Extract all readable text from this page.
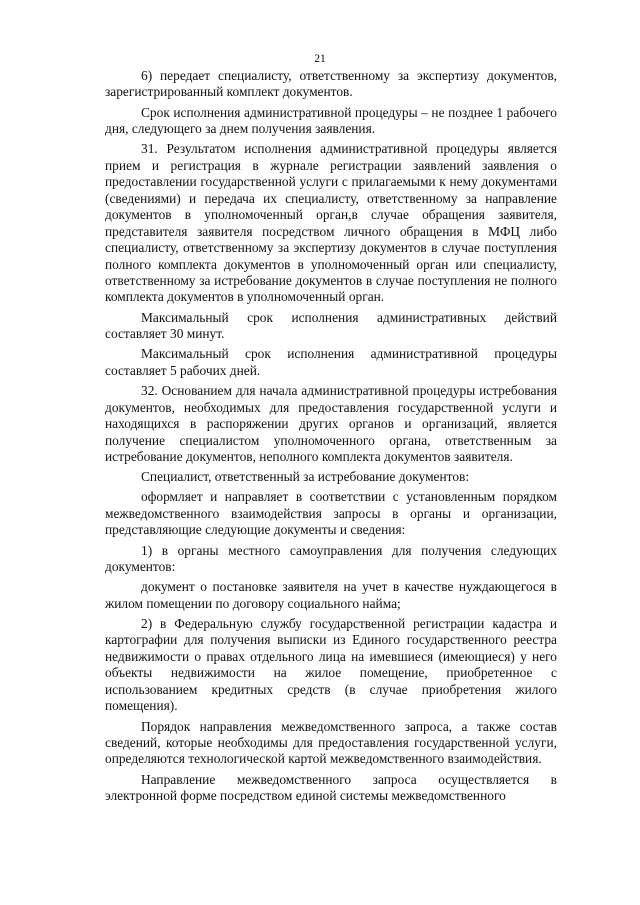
21

6) передает специалисту, ответственному за экспертизу документов, зарегистрированный комплект документов.

Срок исполнения административной процедуры – не позднее 1 рабочего дня, следующего за днем получения заявления.

31. Результатом исполнения административной процедуры является прием и регистрация в журнале регистрации заявлений заявления о предоставлении государственной услуги с прилагаемыми к нему документами (сведениями) и передача их специалисту, ответственному за направление документов в уполномоченный орган,в случае обращения заявителя, представителя заявителя посредством личного обращения в МФЦ либо специалисту, ответственному за экспертизу документов в случае поступления полного комплекта документов в уполномоченный орган или специалисту, ответственному за истребование документов в случае поступления не полного комплекта документов в уполномоченный орган.

Максимальный срок исполнения административных действий составляет 30 минут.

Максимальный срок исполнения административной процедуры составляет 5 рабочих дней.

32. Основанием для начала административной процедуры истребования документов, необходимых для предоставления государственной услуги и находящихся в распоряжении других органов и организаций, является получение специалистом уполномоченного органа, ответственным за истребование документов, неполного комплекта документов заявителя.

Специалист, ответственный за истребование документов:

оформляет и направляет в соответствии с установленным порядком межведомственного взаимодействия запросы в органы и организации, представляющие следующие документы и сведения:

1) в органы местного самоуправления для получения следующих документов:

документ о постановке заявителя на учет в качестве нуждающегося в жилом помещении по договору социального найма;

2) в Федеральную службу государственной регистрации кадастра и картографии для получения выписки из Единого государственного реестра недвижимости о правах отдельного лица на имевшиеся (имеющиеся) у него объекты недвижимости на жилое помещение, приобретенное с использованием кредитных средств (в случае приобретения жилого помещения).

Порядок направления межведомственного запроса, а также состав сведений, которые необходимы для предоставления государственной услуги, определяются технологической картой межведомственного взаимодействия.

Направление межведомственного запроса осуществляется в электронной форме посредством единой системы межведомственного
